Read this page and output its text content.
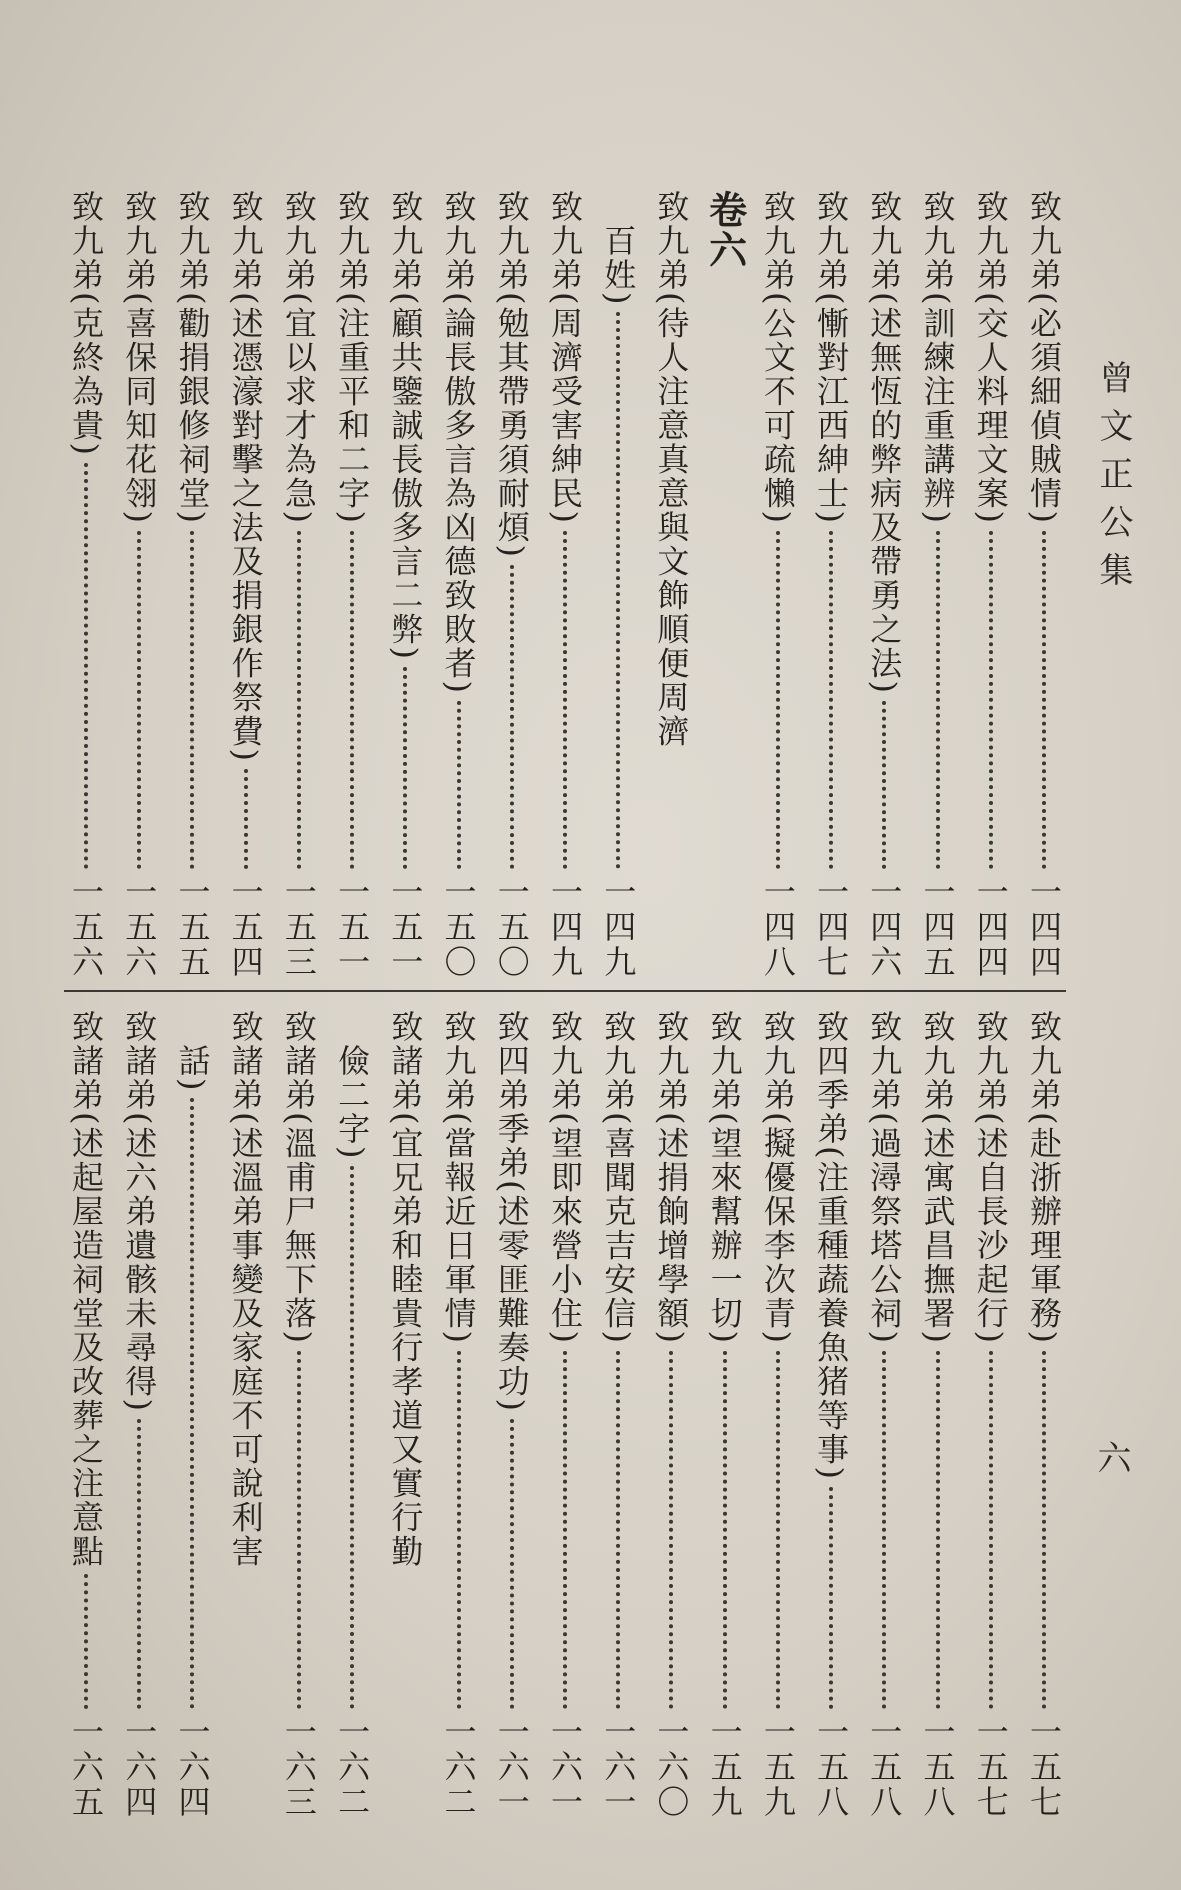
曾文正公集
六
致九弟(必須細偵賊情)
一四四
致九弟(交人料理文案)
一四四
致九弟(訓練注重講辨)
一四五
致九弟(述無恆的弊病及帶勇之法)
一四六
致九弟(慚對江西紳士)
一四七
致九弟(公文不可疏懶)
一四八
卷六
致九弟(待人注意真意與文飾順便周濟
百姓)
一四九
致九弟(周濟受害紳民)
一四九
致九弟(勉其帶勇須耐煩)
一五〇
致九弟(論長傲多言為凶德致敗者)
一五〇
致九弟(顧共鑒誠長傲多言二弊)
一五一
致九弟(注重平和二字)
一五一
致九弟(宜以求才為急)
一五三
致九弟(述憑濠對擊之法及捐銀作祭費)
一五四
致九弟(勸捐銀修祠堂)
一五五
致九弟(喜保同知花翎)
一五六
致九弟(克終為貴)
一五六
致九弟(赴浙辦理軍務)
一五七
致九弟(述自長沙起行)
一五七
致九弟(述寓武昌撫署)
一五八
致九弟(過潯祭塔公祠)
一五八
致四季弟(注重種蔬養魚猪等事)
一五八
致九弟(擬優保李次青)
一五九
致九弟(望來幫辦一切)
一五九
致九弟(述捐餉增學額)
一六〇
致九弟(喜聞克吉安信)
一六一
致九弟(望即來營小住)
一六一
致四弟季弟(述零匪難奏功)
一六一
致九弟(當報近日軍情)
一六二
致諸弟(宜兄弟和睦貴行孝道又實行勤
儉二字)
一六二
致諸弟(溫甫尸無下落)
一六三
致諸弟(述溫弟事變及家庭不可說利害
話)
一六四
致諸弟(述六弟遺骸未尋得)
一六四
致諸弟(述起屋造祠堂及改葬之注意點
一六五
